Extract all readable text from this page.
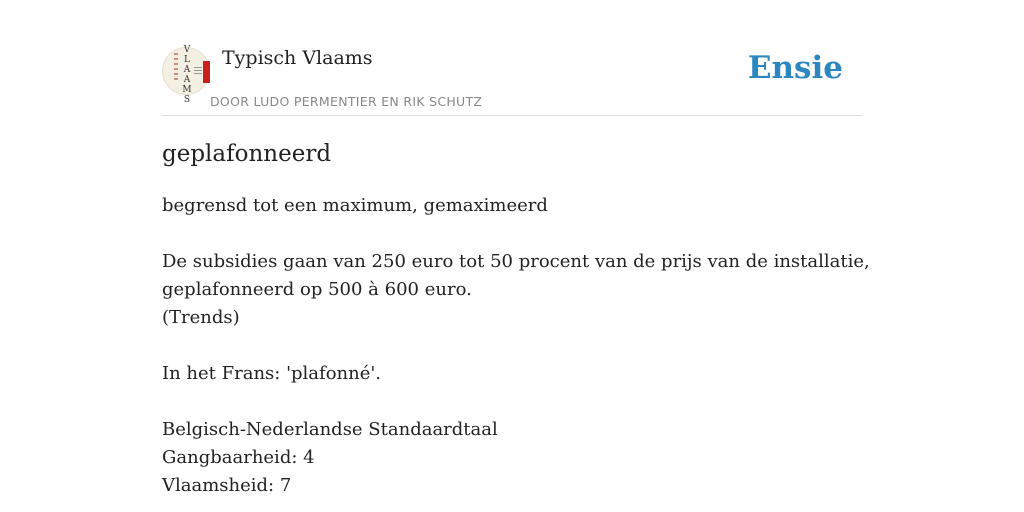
V
L
A
A
M
S
Typisch Vlaams
DOOR LUDO PERMENTIER EN RIK SCHUTZ
Ensie
geplafonneerd
begrensd tot een maximum, gemaximeerd
De subsidies gaan van 250 euro tot 50 procent van de prijs van de installatie,
geplafonneerd op 500 à 600 euro.
(Trends)
In het Frans: 'plafonné'.
Belgisch-Nederlandse Standaardtaal
Gangbaarheid: 4
Vlaamsheid: 7
